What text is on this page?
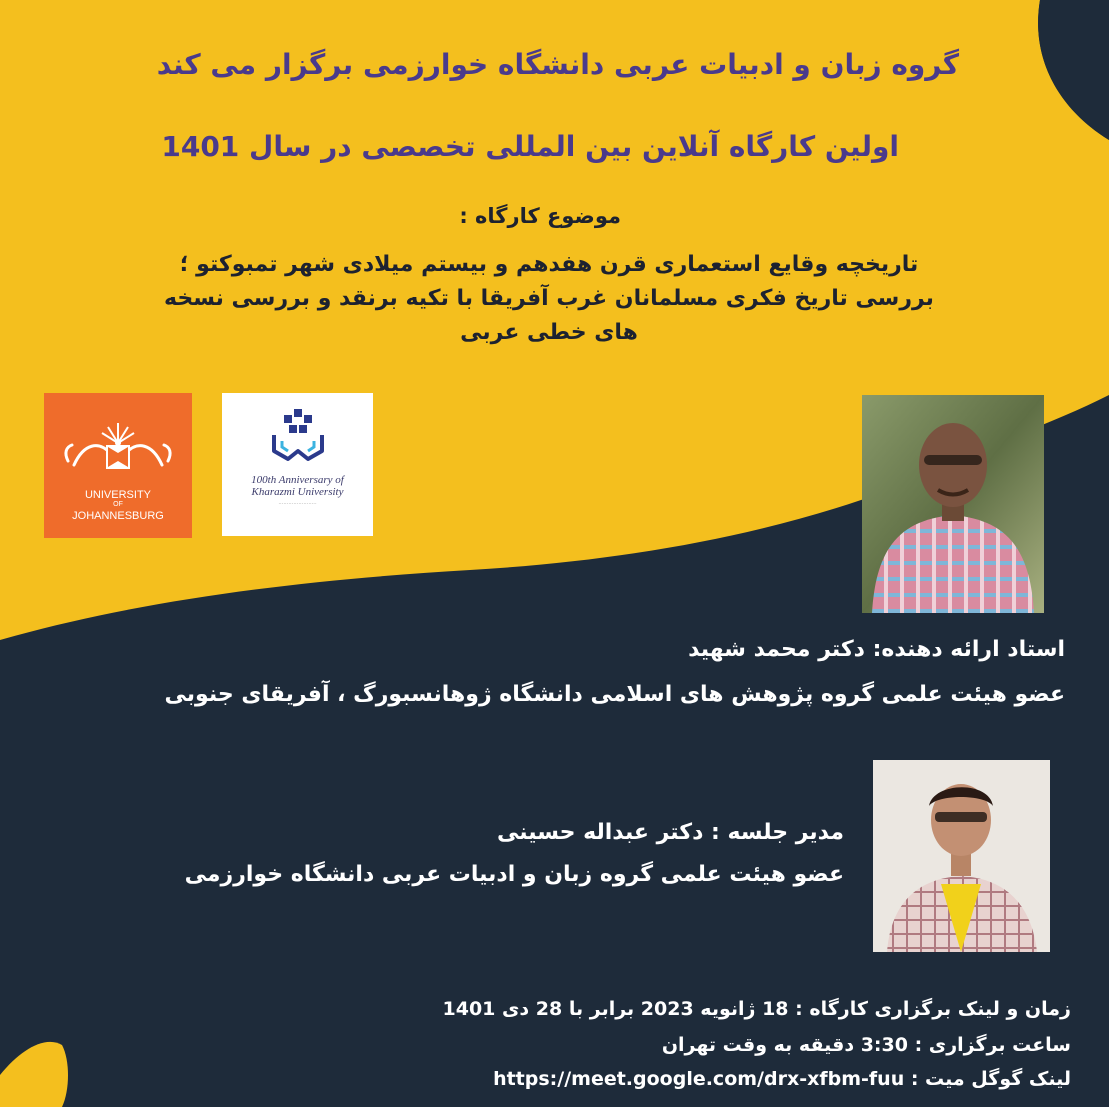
گروه زبان و ادبیات عربی دانشگاه خوارزمی برگزار می کند
اولین کارگاه آنلاین بین المللی تخصصی در سال 1401
موضوع کارگاه :
تاریخچه وقایع استعماری قرن هفدهم و بیستم میلادی شهر تمبوکتو ؛ بررسی تاریخ فکری مسلمانان غرب آفریقا با تکیه برنقد و بررسی نسخه های خطی عربی
UNIVERSITY
OF
JOHANNESBURG
100th Anniversary of
Kharazmi University
·······················
استاد ارائه دهنده: دکتر محمد شهید
عضو هیئت علمی گروه پژوهش های اسلامی دانشگاه ژوهانسبورگ ، آفریقای جنوبی
مدیر جلسه : دکتر عبداله حسینی
عضو هیئت علمی گروه زبان و ادبیات عربی دانشگاه خوارزمی
زمان و لینک برگزاری کارگاه : 18 ژانویه 2023 برابر با 28 دی 1401
ساعت برگزاری : 3:30 دقیقه به وقت تهران
لینک گوگل میت : https://meet.google.com/drx-xfbm-fuu
